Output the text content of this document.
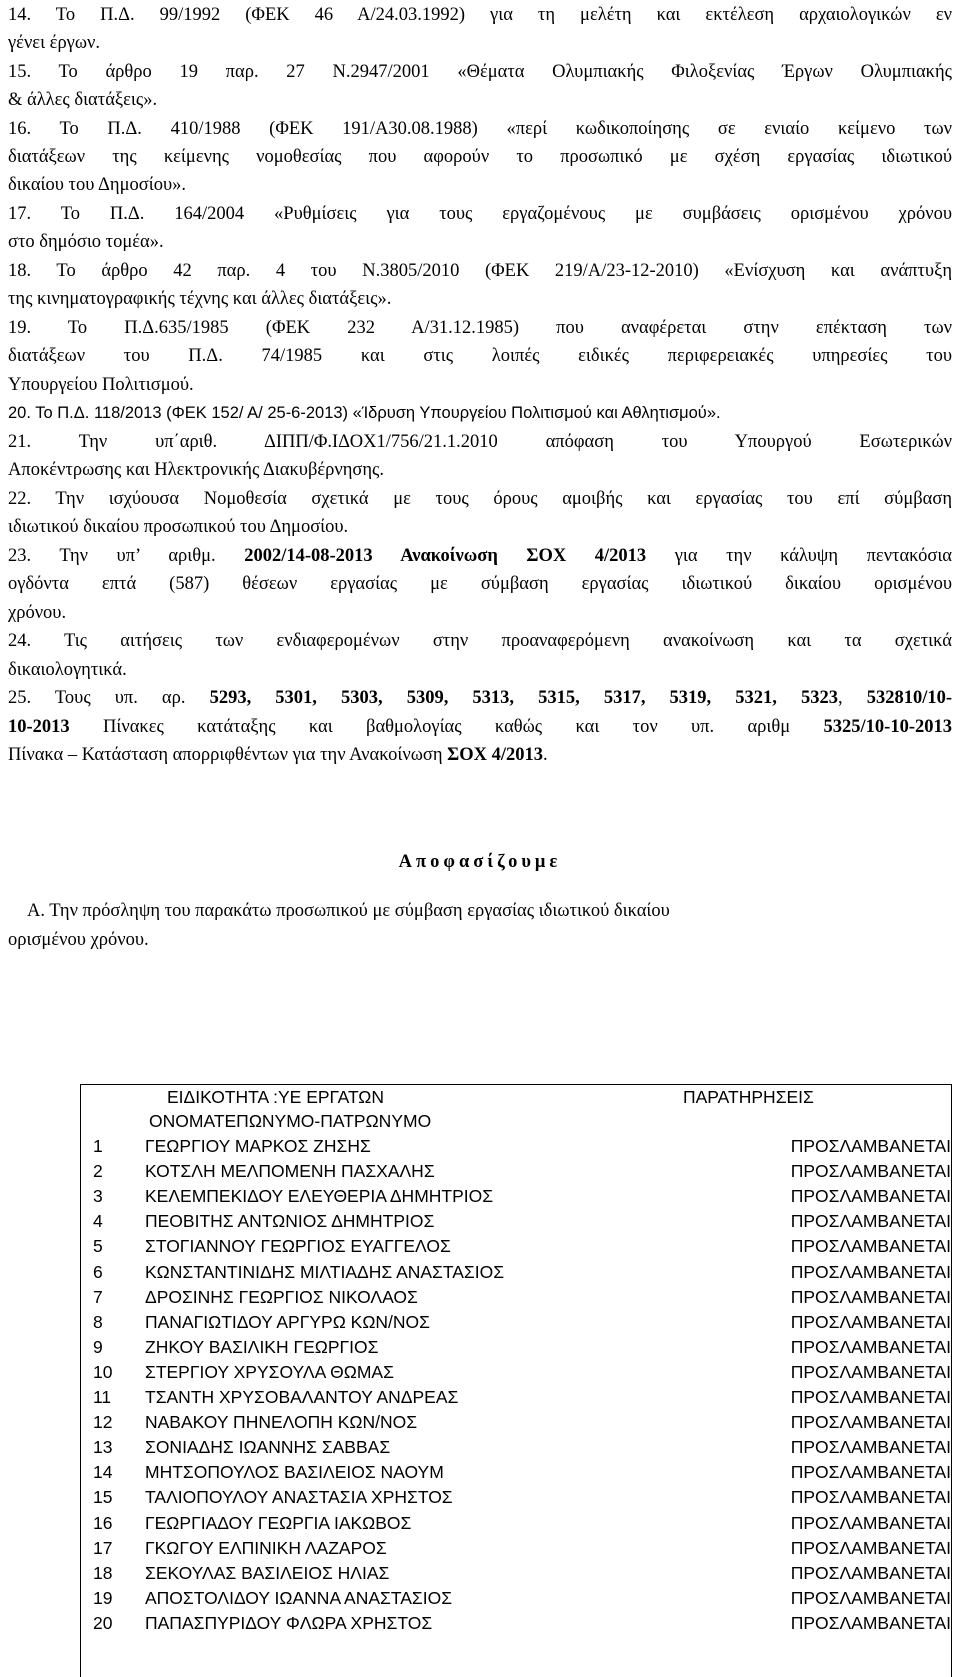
14. Το Π.Δ. 99/1992 (ΦΕΚ 46 Α/24.03.1992) για τη μελέτη και εκτέλεση αρχαιολογικών εν
γένει έργων.
15. Το άρθρο 19 παρ. 27 Ν.2947/2001 «Θέματα Ολυμπιακής Φιλοξενίας Έργων Ολυμπιακής
& άλλες διατάξεις».
16. Το Π.Δ. 410/1988 (ΦΕΚ 191/Α30.08.1988) «περί κωδικοποίησης σε ενιαίο κείμενο των
διατάξεων της κείμενης νομοθεσίας που αφορούν το προσωπικό με σχέση εργασίας ιδιωτικού
δικαίου του Δημοσίου».
17. Το Π.Δ. 164/2004 «Ρυθμίσεις για τους εργαζομένους με συμβάσεις ορισμένου χρόνου
στο δημόσιο τομέα».
18. Το άρθρο 42 παρ. 4 του Ν.3805/2010 (ΦΕΚ 219/Α/23-12-2010) «Ενίσχυση και ανάπτυξη
της κινηματογραφικής τέχνης και άλλες διατάξεις».
19. Το Π.Δ.635/1985 (ΦΕΚ 232 Α/31.12.1985) που αναφέρεται στην επέκταση των
διατάξεων του Π.Δ. 74/1985 και στις λοιπές ειδικές περιφερειακές υπηρεσίες του
Υπουργείου Πολιτισμού.
20. Το Π.Δ. 118/2013 (ΦΕΚ 152/ Α/ 25-6-2013) «Ίδρυση Υπουργείου Πολιτισμού και Αθλητισμού».
21. Την υπ΄αριθ. ΔΙΠΠ/Φ.ΙΔΟΧ1/756/21.1.2010 απόφαση του Υπουργού Εσωτερικών
Αποκέντρωσης και Ηλεκτρονικής Διακυβέρνησης.
22. Την ισχύουσα Νομοθεσία σχετικά με τους όρους αμοιβής και εργασίας του επί σύμβαση
ιδιωτικού δικαίου προσωπικού του Δημοσίου.
23. Την υπ’ αριθμ. 2002/14-08-2013 Ανακοίνωση ΣΟΧ 4/2013 για την κάλυψη πεντακόσια
ογδόντα επτά (587) θέσεων εργασίας με σύμβαση εργασίας ιδιωτικού δικαίου ορισμένου
χρόνου.
24. Τις αιτήσεις των ενδιαφερομένων στην προαναφερόμενη ανακοίνωση και τα σχετικά
δικαιολογητικά.
25. Τους υπ. αρ. 5293, 5301, 5303, 5309, 5313, 5315, 5317, 5319, 5321, 5323, 532810/10-
10-2013 Πίνακες κατάταξης και βαθμολογίας καθώς και τον υπ. αριθμ 5325/10-10-2013
Πίνακα – Κατάσταση απορριφθέντων για την Ανακοίνωση ΣΟΧ 4/2013.
Αποφασίζουμε
Α. Την πρόσληψη του παρακάτω προσωπικού με σύμβαση εργασίας ιδιωτικού δικαίου
ορισμένου χρόνου.
ΕΙΔΙΚΟΤΗΤΑ :ΥΕ ΕΡΓΑΤΩΝ	ΠΑΡΑΤΗΡΗΣΕΙΣ
ΟΝΟΜΑΤΕΠΩΝΥΜΟ-ΠΑΤΡΩΝΥΜΟ
1	ΓΕΩΡΓΙΟΥ ΜΑΡΚΟΣ ΖΗΣΗΣ	ΠΡΟΣΛΑΜΒΑΝΕΤΑΙ
2	ΚΟΤΣΛΗ ΜΕΛΠΟΜΕΝΗ ΠΑΣΧΑΛΗΣ	ΠΡΟΣΛΑΜΒΑΝΕΤΑΙ
3	ΚΕΛΕΜΠΕΚΙΔΟΥ ΕΛΕΥΘΕΡΙΑ ΔΗΜΗΤΡΙΟΣ	ΠΡΟΣΛΑΜΒΑΝΕΤΑΙ
4	ΠΕΟΒΙΤΗΣ ΑΝΤΩΝΙΟΣ ΔΗΜΗΤΡΙΟΣ	ΠΡΟΣΛΑΜΒΑΝΕΤΑΙ
5	ΣΤΟΓΙΑΝΝΟΥ ΓΕΩΡΓΙΟΣ ΕΥΑΓΓΕΛΟΣ	ΠΡΟΣΛΑΜΒΑΝΕΤΑΙ
6	ΚΩΝΣΤΑΝΤΙΝΙΔΗΣ ΜΙΛΤΙΑΔΗΣ ΑΝΑΣΤΑΣΙΟΣ	ΠΡΟΣΛΑΜΒΑΝΕΤΑΙ
7	ΔΡΟΣΙΝΗΣ ΓΕΩΡΓΙΟΣ ΝΙΚΟΛΑΟΣ	ΠΡΟΣΛΑΜΒΑΝΕΤΑΙ
8	ΠΑΝΑΓΙΩΤΙΔΟΥ ΑΡΓΥΡΩ ΚΩΝ/ΝΟΣ	ΠΡΟΣΛΑΜΒΑΝΕΤΑΙ
9	ΖΗΚΟΥ ΒΑΣΙΛΙΚΗ ΓΕΩΡΓΙΟΣ	ΠΡΟΣΛΑΜΒΑΝΕΤΑΙ
10	ΣΤΕΡΓΙΟΥ ΧΡΥΣΟΥΛΑ ΘΩΜΑΣ	ΠΡΟΣΛΑΜΒΑΝΕΤΑΙ
11	ΤΣΑΝΤΗ ΧΡΥΣΟΒΑΛΑΝΤΟΥ ΑΝΔΡΕΑΣ	ΠΡΟΣΛΑΜΒΑΝΕΤΑΙ
12	ΝΑΒΑΚΟΥ ΠΗΝΕΛΟΠΗ ΚΩΝ/ΝΟΣ	ΠΡΟΣΛΑΜΒΑΝΕΤΑΙ
13	ΣΟΝΙΑΔΗΣ ΙΩΑΝΝΗΣ ΣΑΒΒΑΣ	ΠΡΟΣΛΑΜΒΑΝΕΤΑΙ
14	ΜΗΤΣΟΠΟΥΛΟΣ ΒΑΣΙΛΕΙΟΣ ΝΑΟΥΜ	ΠΡΟΣΛΑΜΒΑΝΕΤΑΙ
15	ΤΑΛΙΟΠΟΥΛΟΥ ΑΝΑΣΤΑΣΙΑ ΧΡΗΣΤΟΣ	ΠΡΟΣΛΑΜΒΑΝΕΤΑΙ
16	ΓΕΩΡΓΙΑΔΟΥ ΓΕΩΡΓΙΑ ΙΑΚΩΒΟΣ	ΠΡΟΣΛΑΜΒΑΝΕΤΑΙ
17	ΓΚΩΓΟΥ ΕΛΠΙΝΙΚΗ ΛΑΖΑΡΟΣ	ΠΡΟΣΛΑΜΒΑΝΕΤΑΙ
18	ΣΕΚΟΥΛΑΣ ΒΑΣΙΛΕΙΟΣ ΗΛΙΑΣ	ΠΡΟΣΛΑΜΒΑΝΕΤΑΙ
19	ΑΠΟΣΤΟΛΙΔΟΥ ΙΩΑΝΝΑ ΑΝΑΣΤΑΣΙΟΣ	ΠΡΟΣΛΑΜΒΑΝΕΤΑΙ
20	ΠΑΠΑΣΠΥΡΙΔΟΥ ΦΛΩΡΑ ΧΡΗΣΤΟΣ	ΠΡΟΣΛΑΜΒΑΝΕΤΑΙ
